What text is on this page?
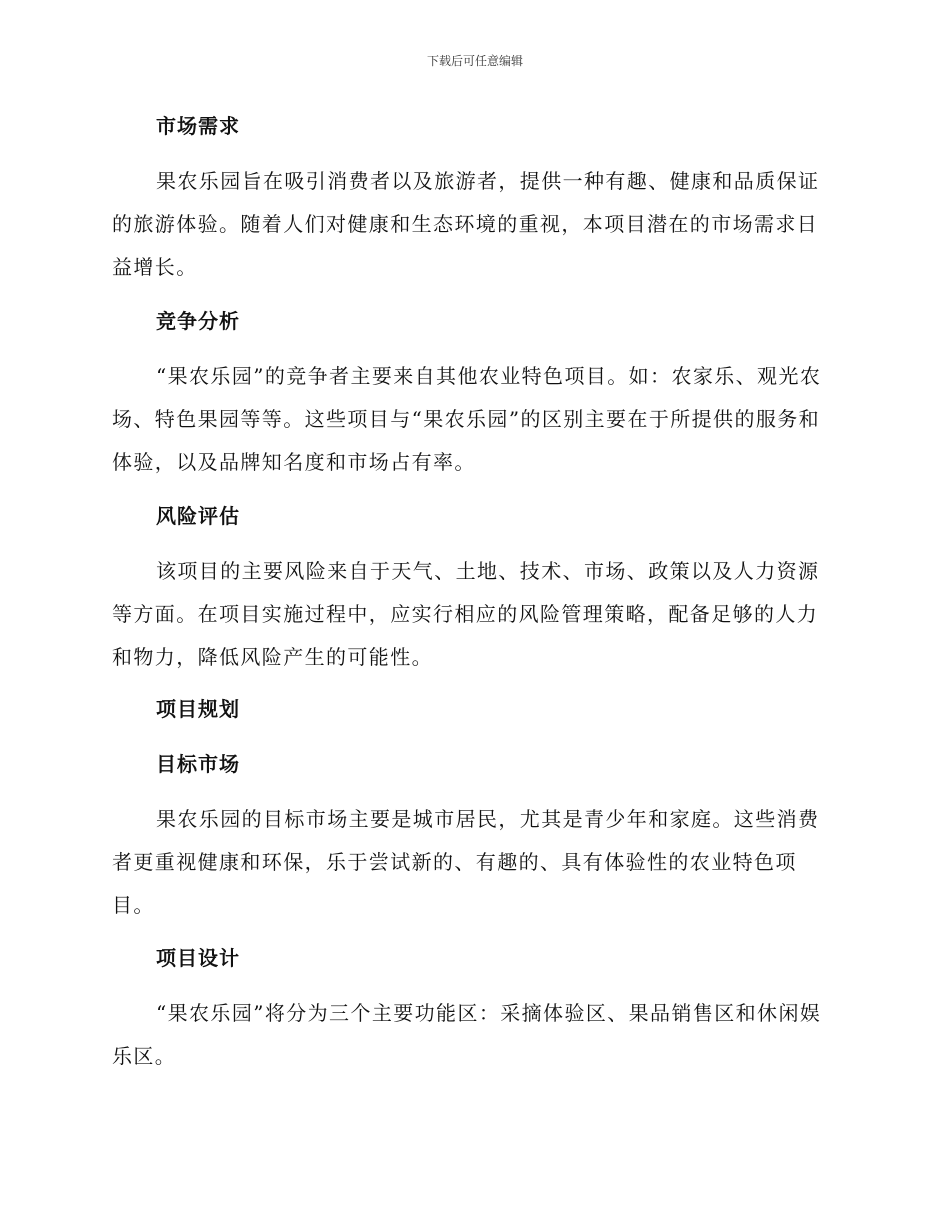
下载后可任意编辑
市场需求

果农乐园旨在吸引消费者以及旅游者，提供一种有趣、健康和品质保证的旅游体验。随着人们对健康和生态环境的重视，本项目潜在的市场需求日益增长。

竞争分析

“果农乐园”的竞争者主要来自其他农业特色项目。如：农家乐、观光农场、特色果园等等。这些项目与“果农乐园”的区别主要在于所提供的服务和体验，以及品牌知名度和市场占有率。

风险评估

该项目的主要风险来自于天气、土地、技术、市场、政策以及人力资源等方面。在项目实施过程中，应实行相应的风险管理策略，配备足够的人力和物力，降低风险产生的可能性。

项目规划
目标市场

果农乐园的目标市场主要是城市居民，尤其是青少年和家庭。这些消费者更重视健康和环保，乐于尝试新的、有趣的、具有体验性的农业特色项目。

项目设计

“果农乐园”将分为三个主要功能区：采摘体验区、果品销售区和休闲娱乐区。
